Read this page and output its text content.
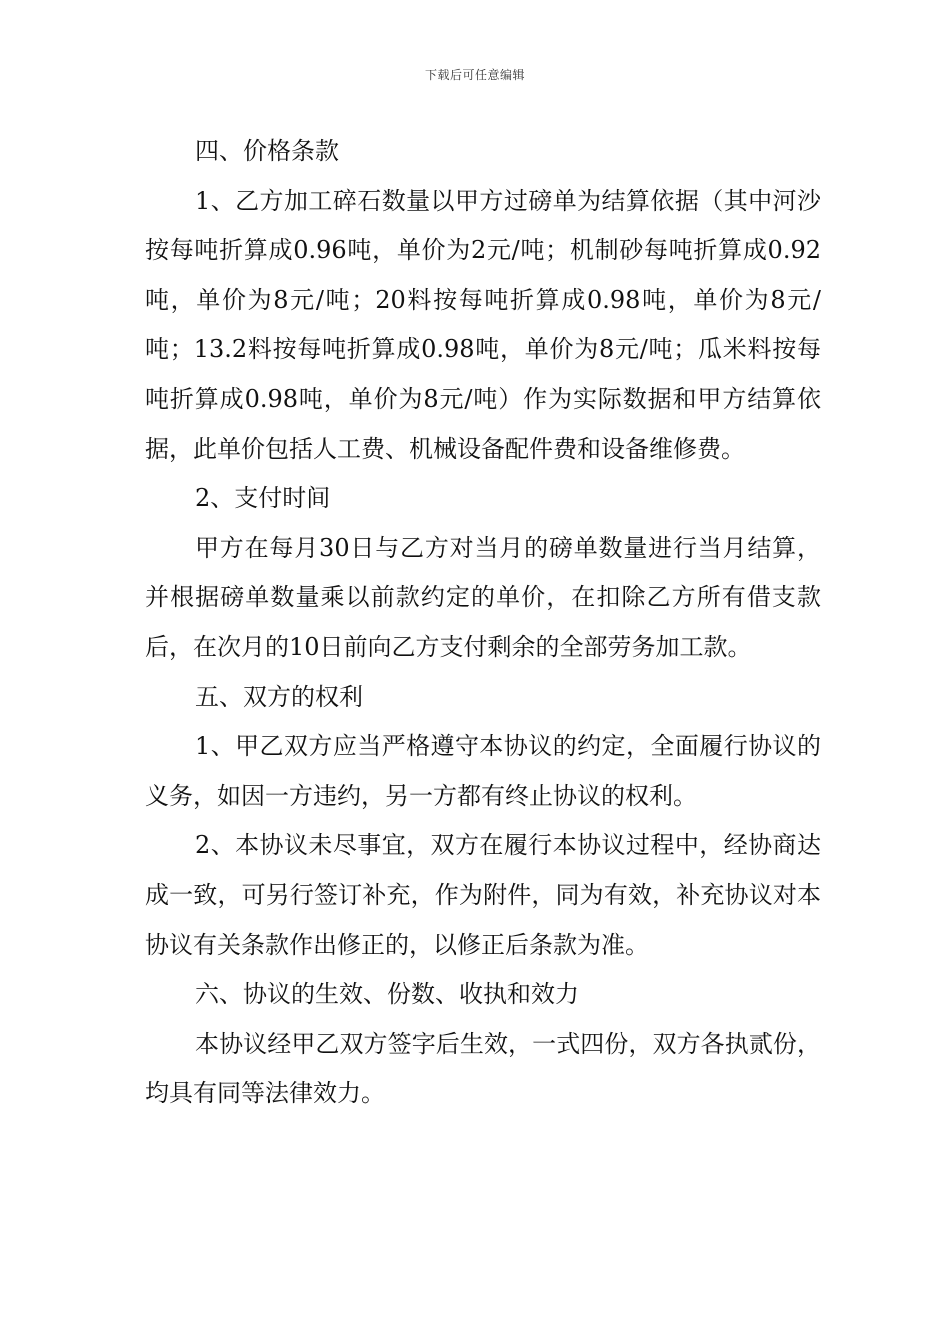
下载后可任意编辑

四、价格条款

1、乙方加工碎石数量以甲方过磅单为结算依据（其中河沙按每吨折算成0.96吨，单价为2元/吨；机制砂每吨折算成0.92吨，单价为8元/吨；20料按每吨折算成0.98吨，单价为8元/吨；13.2料按每吨折算成0.98吨，单价为8元/吨；瓜米料按每吨折算成0.98吨，单价为8元/吨）作为实际数据和甲方结算依据，此单价包括人工费、机械设备配件费和设备维修费。

2、支付时间

甲方在每月30日与乙方对当月的磅单数量进行当月结算，并根据磅单数量乘以前款约定的单价，在扣除乙方所有借支款后，在次月的10日前向乙方支付剩余的全部劳务加工款。

五、双方的权利

1、甲乙双方应当严格遵守本协议的约定，全面履行协议的义务，如因一方违约，另一方都有终止协议的权利。

2、本协议未尽事宜，双方在履行本协议过程中，经协商达成一致，可另行签订补充，作为附件，同为有效，补充协议对本协议有关条款作出修正的，以修正后条款为准。

六、协议的生效、份数、收执和效力

本协议经甲乙双方签字后生效，一式四份，双方各执贰份，均具有同等法律效力。
